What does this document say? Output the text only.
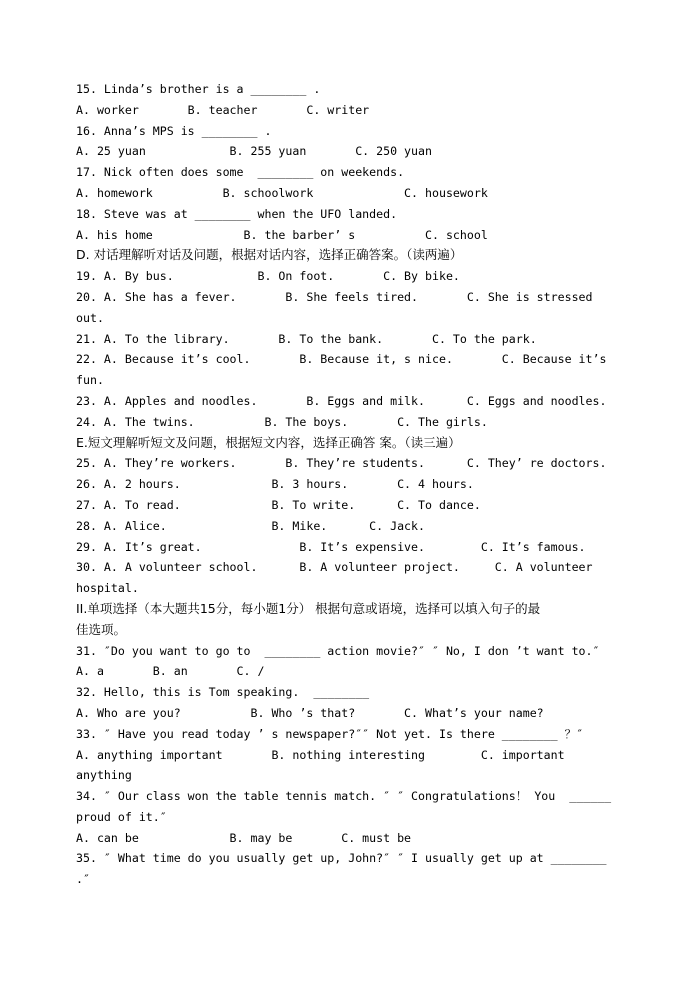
15. Linda’s brother is a ________ .
A. worker       B. teacher       C. writer
16. Anna’s MPS is ________ .
A. 25 yuan            B. 255 yuan       C. 250 yuan
17. Nick often does some  ________ on weekends.
A. homework          B. schoolwork             C. housework
18. Steve was at ________ when the UFO landed.
A. his home             B. the barber’ s          C. school
D. 对话理解听对话及问题，根据对话内容，选择正确答案。（读两遍）
19. A. By bus.            B. On foot.       C. By bike.
20. A. She has a fever.       B. She feels tired.       C. She is stressed
out.
21. A. To the library.       B. To the bank.       C. To the park.
22. A. Because it’s cool.       B. Because it, s nice.       C. Because it’s
fun.
23. A. Apples and noodles.       B. Eggs and milk.      C. Eggs and noodles.
24. A. The twins.          B. The boys.       C. The girls.
E.短文理解听短文及问题，根据短文内容，选择正确答 案。（读三遍）
25. A. They’re workers.       B. They’re students.      C. They’ re doctors.
26. A. 2 hours.             B. 3 hours.       C. 4 hours.
27. A. To read.             B. To write.      C. To dance.
28. A. Alice.               B. Mike.      C. Jack.
29. A. It’s great.              B. It’s expensive.        C. It’s famous.
30. A. A volunteer school.      B. A volunteer project.     C. A volunteer
hospital.
II.单项选择（本大题共15分，每小题1分） 根据句意或语境，选择可以填入句子的最
佳选项。
31. ″Do you want to go to  ________ action movie?″ ″ No, I don ’t want to.″
A. a       B. an       C. /
32. Hello, this is Tom speaking.  ________
A. Who are you?          B. Who ’s that?       C. What’s your name?
33. ″ Have you read today ’ s newspaper?″″ Not yet. Is there ________ ？″
A. anything important       B. nothing interesting        C. important
anything
34. ″ Our class won the table tennis match. ″ ″ Congratulations！ You  ______
proud of it.″
A. can be             B. may be       C. must be
35. ″ What time do you usually get up, John?″ ″ I usually get up at ________
.″
